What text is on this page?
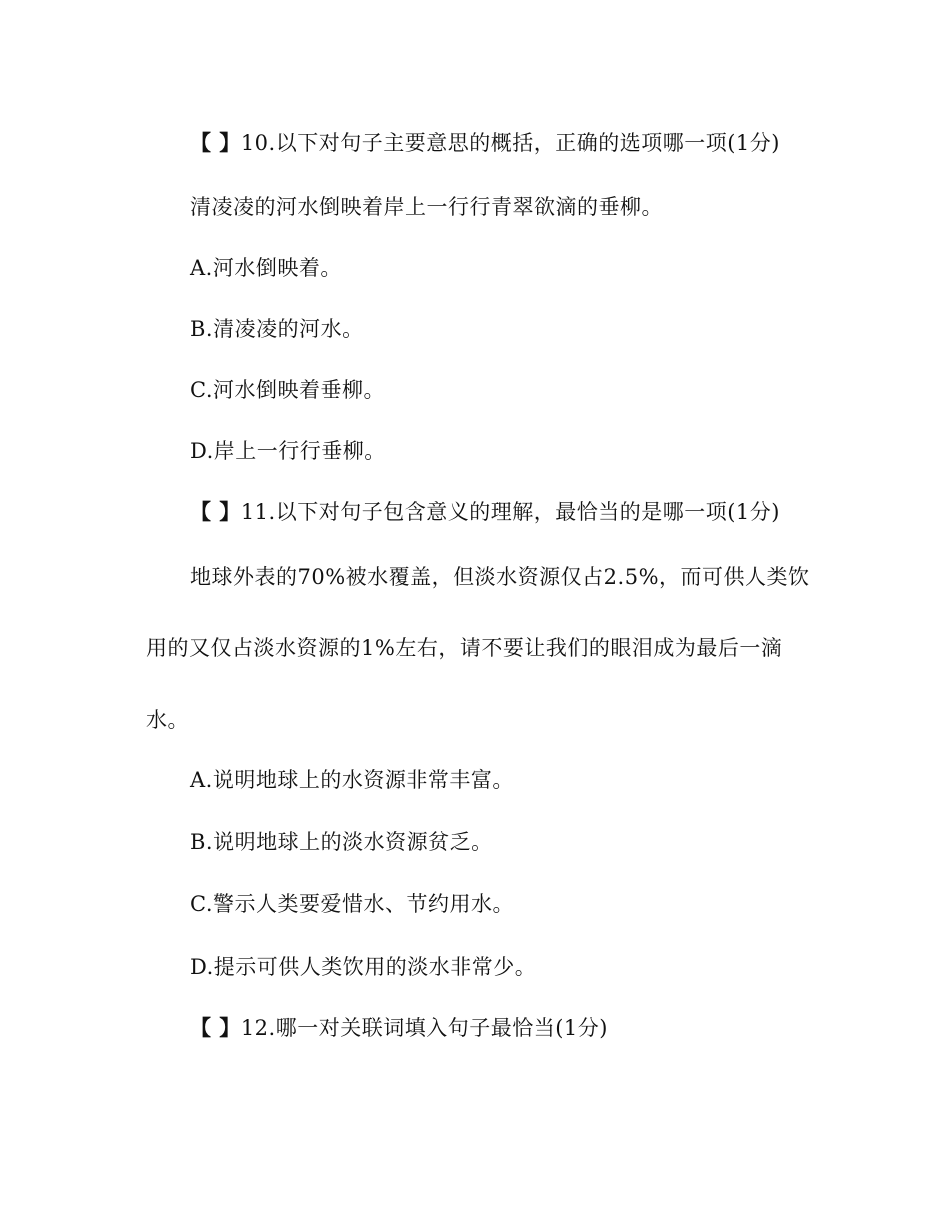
【 】10.以下对句子主要意思的概括，正确的选项哪一项(1分)
清凌凌的河水倒映着岸上一行行青翠欲滴的垂柳。
A.河水倒映着。
B.清凌凌的河水。
C.河水倒映着垂柳。
D.岸上一行行垂柳。
【 】11.以下对句子包含意义的理解，最恰当的是哪一项(1分)
地球外表的70%被水覆盖，但淡水资源仅占2.5%，而可供人类饮
用的又仅占淡水资源的1%左右，请不要让我们的眼泪成为最后一滴
水。
A.说明地球上的水资源非常丰富。
B.说明地球上的淡水资源贫乏。
C.警示人类要爱惜水、节约用水。
D.提示可供人类饮用的淡水非常少。
【 】12.哪一对关联词填入句子最恰当(1分)
